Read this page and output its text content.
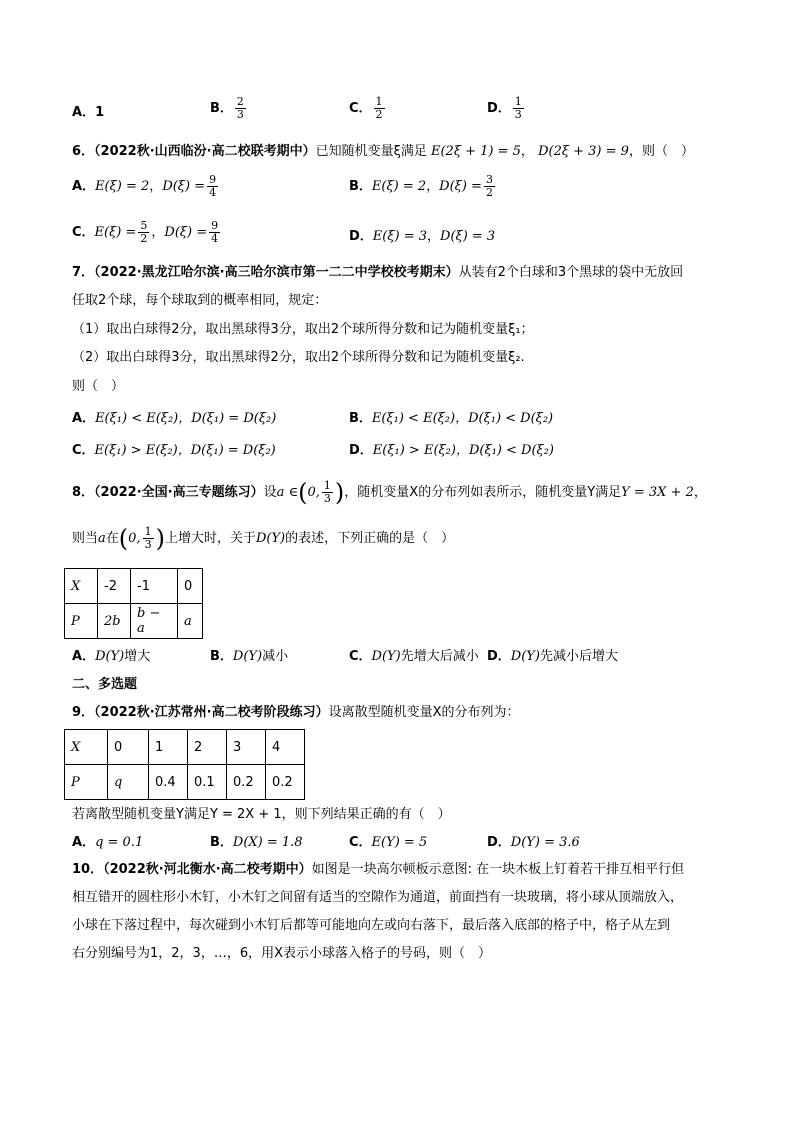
A．1	B． $\frac{2}{3}$	C． $\frac{1}{2}$	D． $\frac{1}{3}$
6．（2022秋·山西临汾·高二校联考期中）已知随机变量ξ满足 E(2ξ + 1) = 5， D(2ξ + 3) = 9，则（　）
A．E(ξ) = 2，$D(\xi) = \frac{9}{4}$	B．E(ξ) = 2，$D(\xi) = \frac{3}{2}$
C．$E(\xi) = \frac{5}{2}$ ，$D(\xi) = \frac{9}{4}$	D．E(ξ) = 3，D(ξ) = 3
7．（2022·黑龙江哈尔滨·高三哈尔滨市第一二二中学校校考期末）从装有2个白球和3个黑球的袋中无放回
任取2个球，每个球取到的概率相同，规定：
（1）取出白球得2分，取出黑球得3分，取出2个球所得分数和记为随机变量ξ₁；
（2）取出白球得3分，取出黑球得2分，取出2个球所得分数和记为随机变量ξ₂.
则（　）
A．E(ξ₁) < E(ξ₂)，D(ξ₁) = D(ξ₂)	B．E(ξ₁) < E(ξ₂)，D(ξ₁) < D(ξ₂)
C．E(ξ₁) > E(ξ₂)，D(ξ₁) = D(ξ₂)	D．E(ξ₁) > E(ξ₂)，D(ξ₁) < D(ξ₂)
8．（2022·全国·高三专题练习）设a ∈(0, $\frac{1}{3}$ )，随机变量X的分布列如表所示，随机变量Y满足Y = 3X + 2，
则当a在(0, $\frac{1}{3}$ )上增大时，关于D(Y)的表述，下列正确的是（　）
X	-2	-1	0
P	2b	b − a	a
A．D(Y)增大	B．D(Y)减小	C．D(Y)先增大后减小 D．D(Y)先减小后增大
二、多选题
9．（2022秋·江苏常州·高二校考阶段练习）设离散型随机变量X的分布列为：
X	0	1	2	3	4
P	q	0.4	0.1	0.2	0.2
若离散型随机变量Y满足Y = 2X + 1，则下列结果正确的有（　）
A．q = 0.1	B．D(X) = 1.8	C．E(Y) = 5	D．D(Y) = 3.6
10．（2022秋·河北衡水·高二校考期中）如图是一块高尔顿板示意图: 在一块木板上钉着若干排互相平行但
相互错开的圆柱形小木钉，小木钉之间留有适当的空隙作为通道，前面挡有一块玻璃，将小球从顶端放入，
小球在下落过程中，每次碰到小木钉后都等可能地向左或向右落下，最后落入底部的格子中，格子从左到
右分别编号为1，2，3，…，6，用X表示小球落入格子的号码，则（　）
